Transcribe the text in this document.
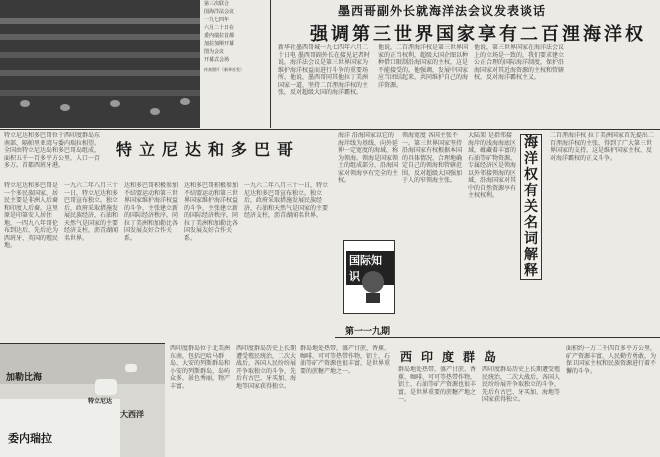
第三次联合
国海洋法会议
一九七四年
六月二十日在
委内瑞拉首都
加拉加斯开幕
图为会议
开幕式会场
传真照片（新华社发）
墨西哥副外长就海洋法会议发表谈话
强调第三世界国家享有二百浬海洋权
新华社墨西哥城一九七四年六月二十日电 墨西哥副外长在接见记者时说，海洋法会议是第三世界国家为维护海洋权益而进行斗争的重要场所。他说，墨西哥同其他拉丁美洲国家一道，坚持二百浬海洋权的主张，反对超级大国的海洋霸权。
他说，二百浬海洋权是第三世界国家的正当权利，超级大国企图以种种借口限制沿海国家的主权，这是不能接受的。他强调，发展中国家应当团结起来，共同维护自己的海洋资源。
他说，第三世界国家在海洋法会议上的立场是一致的，我们要求建立公正合理的国际海洋制度，保护沿海国家对其近海资源的主权和管辖权，反对海洋霸权主义。
特立尼达和多巴哥位于西印度群岛东南部，隔帕里亚湾与委内瑞拉相望。全国由特立尼达岛和多巴哥岛组成，面积五千一百多平方公里，人口一百多万。首都西班牙港。
特立尼达和多巴哥
特立尼达和多巴哥是一个多民族国家，居民主要是非洲人后裔和印度人后裔。这里原是印第安人居住地，一四九八年哥伦布到达后，先后沦为西班牙、英国的殖民地。
一九六二年八月三十一日，特立尼达和多巴哥宣布独立。独立后，政府采取措施发展民族经济，石油和天然气是国家的主要经济支柱，沥青湖闻名世界。
达和多巴哥积极参加不结盟运动和第三世界国家维护海洋权益的斗争，主张建立新的国际经济秩序，同拉丁美洲和加勒比各国发展友好合作关系。
达和多巴哥积极参加不结盟运动和第三世界国家维护海洋权益的斗争，主张建立新的国际经济秩序，同拉丁美洲和加勒比各国发展友好合作关系。
一九六二年八月三十一日，特立尼达和多巴哥宣布独立。独立后，政府采取措施发展民族经济，石油和天然气是国家的主要经济支柱，沥青湖闻名世界。
海洋 沿海国家以它的海岸线为基线，向外延伸一定宽度的海域，称为领海。领海是国家领土的组成部分，沿海国家对领海享有完全的主权。
领海宽度 各国主张不一。第三世界国家坚持沿海国家有权根据本国的具体情况，合理地确定自己的领海和管辖范围，反对超级大国强加于人的窄领海主张。
大陆架 是指邻接海岸的浅海海底区域，蕴藏着丰富的石油等矿物资源。专属经济区是领海以外邻接领海的区域，沿海国家对其中的自然资源享有主权权利。
海洋权有关名词解释
二百浬海洋权 拉丁美洲国家首先提出二百浬海洋权的主张，得到了广大第三世界国家的支持，这是维护国家主权、反对海洋霸权的正义斗争。
国际知识
第一一九期
加勒比海
委内瑞拉
特立尼达
大西洋
西印度群岛位于北美洲东南，包括巴哈马群岛、大安的列斯群岛和小安的列斯群岛，岛屿众多，景色秀丽，物产丰富。
西印度群岛历史上长期遭受殖民统治，二次大战后，各国人民纷纷展开争取独立的斗争，先后有古巴、牙买加、海地等国家获得独立。
群岛地处热带，盛产甘蔗、香蕉、咖啡、可可等热带作物，铝土、石油等矿产资源也很丰富，是世界重要的蔗糖产地之一。
西印度群岛
群岛地处热带，盛产甘蔗、香蕉、咖啡、可可等热带作物，铝土、石油等矿产资源也很丰富，是世界重要的蔗糖产地之一。
西印度群岛历史上长期遭受殖民统治，二次大战后，各国人民纷纷展开争取独立的斗争，先后有古巴、牙买加、海地等国家获得独立。
面积约一万二千四百多平方公里，矿产资源丰富，人民勤劳勇敢，为保卫国家主权和民族资源进行着不懈的斗争。
